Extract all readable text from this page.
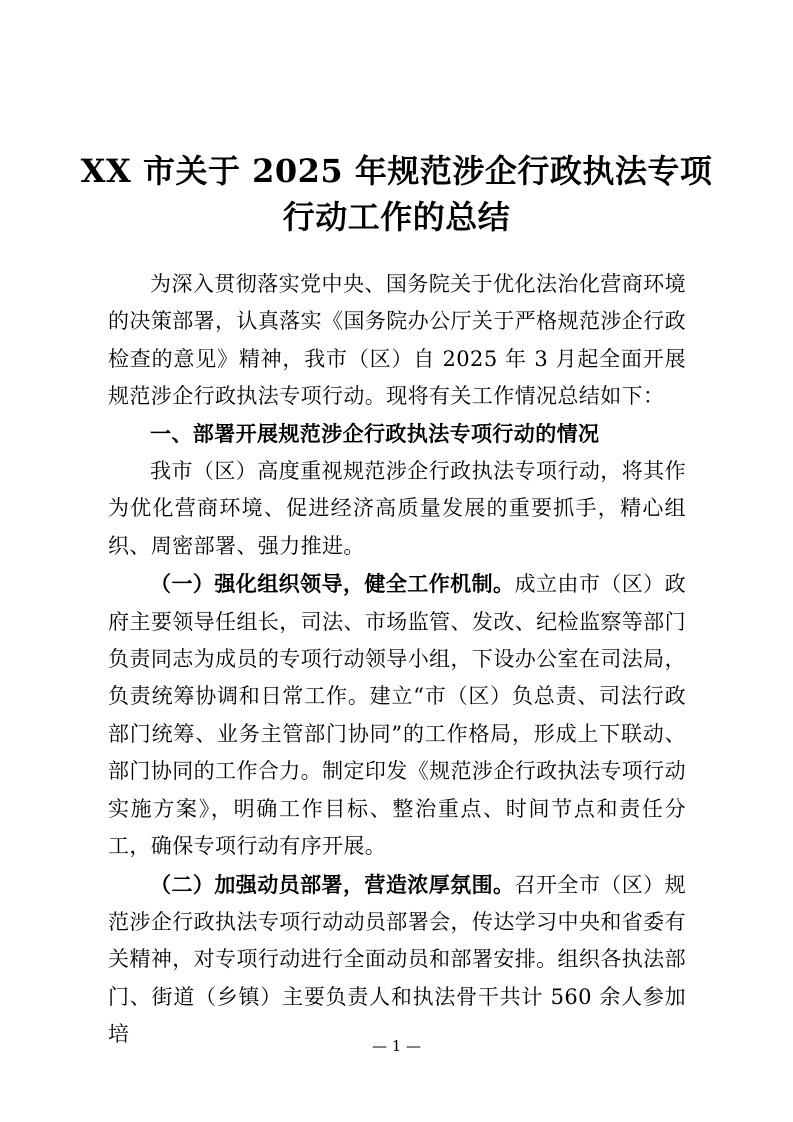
XX 市关于 2025 年规范涉企行政执法专项
行动工作的总结

为深入贯彻落实党中央、国务院关于优化法治化营商环境的决策部署，认真落实《国务院办公厅关于严格规范涉企行政检查的意见》精神，我市（区）自 2025 年 3 月起全面开展规范涉企行政执法专项行动。现将有关工作情况总结如下：

一、部署开展规范涉企行政执法专项行动的情况

我市（区）高度重视规范涉企行政执法专项行动，将其作为优化营商环境、促进经济高质量发展的重要抓手，精心组织、周密部署、强力推进。

（一）强化组织领导，健全工作机制。成立由市（区）政府主要领导任组长，司法、市场监管、发改、纪检监察等部门负责同志为成员的专项行动领导小组，下设办公室在司法局，负责统筹协调和日常工作。建立“市（区）负总责、司法行政部门统筹、业务主管部门协同”的工作格局，形成上下联动、部门协同的工作合力。制定印发《规范涉企行政执法专项行动实施方案》，明确工作目标、整治重点、时间节点和责任分工，确保专项行动有序开展。

（二）加强动员部署，营造浓厚氛围。召开全市（区）规范涉企行政执法专项行动动员部署会，传达学习中央和省委有关精神，对专项行动进行全面动员和部署安排。组织各执法部门、街道（乡镇）主要负责人和执法骨干共计 560 余人参加培	— 1 —
